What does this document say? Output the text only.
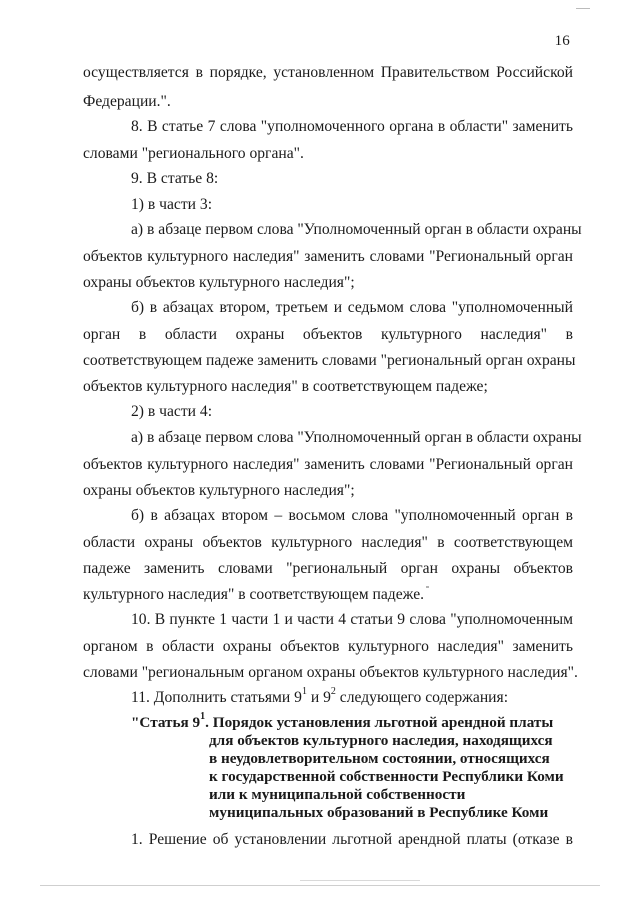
16

осуществляется в порядке, установленном Правительством Российской

Федерации.".

8. В статье 7 слова "уполномоченного органа в области" заменить

словами "регионального органа".

9. В статье 8:

1) в части 3:

а) в абзаце первом слова "Уполномоченный орган в области охраны

объектов культурного наследия" заменить словами "Региональный орган

охраны объектов культурного наследия";

б) в абзацах втором, третьем и седьмом слова "уполномоченный

орган в области охраны объектов культурного наследия" в

соответствующем падеже заменить словами "региональный орган охраны

объектов культурного наследия" в соответствующем падеже;

2) в части 4:

а) в абзаце первом слова "Уполномоченный орган в области охраны

объектов культурного наследия" заменить словами "Региональный орган

охраны объектов культурного наследия";

б) в абзацах втором – восьмом слова "уполномоченный орган в

области охраны объектов культурного наследия" в соответствующем

падеже заменить словами "региональный орган охраны объектов

культурного наследия" в соответствующем падеже.

10. В пункте 1 части 1 и части 4 статьи 9 слова "уполномоченным

органом в области охраны объектов культурного наследия" заменить

словами "региональным органом охраны объектов культурного наследия".

11. Дополнить статьями $9^1$ и $9^2$ следующего содержания:

"Статья $9^1$. Порядок установления льготной арендной платы
для объектов культурного наследия, находящихся
в неудовлетворительном состоянии, относящихся
к государственной собственности Республики Коми
или к муниципальной собственности
муниципальных образований в Республике Коми

1. Решение об установлении льготной арендной платы (отказе в
